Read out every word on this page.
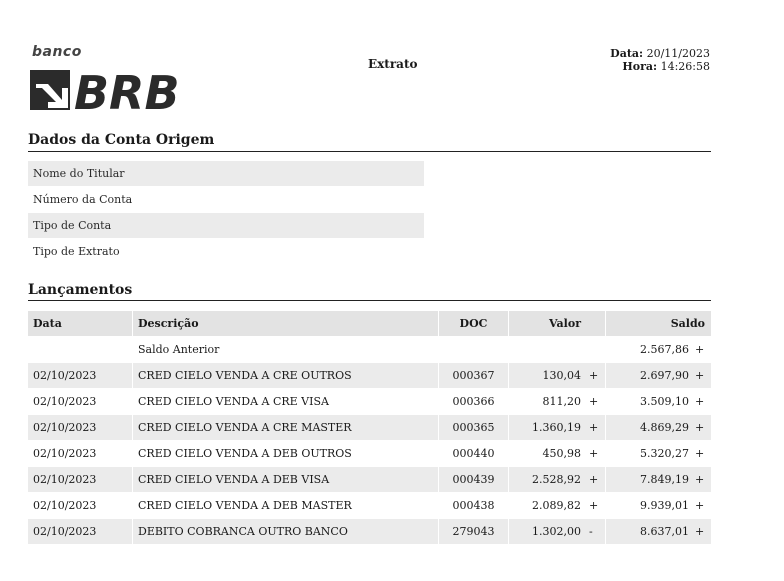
banco
BRB
Extrato
Data: 20/11/2023
Hora: 14:26:58
Dados da Conta Origem
Nome do Titular
Número da Conta
Tipo de Conta
Tipo de Extrato
Lançamentos
Data	Descrição	DOC	Valor		Saldo	
	Saldo Anterior				2.567,86	+
02/10/2023	CRED CIELO VENDA A CRE OUTROS	000367	130,04	+	2.697,90	+
02/10/2023	CRED CIELO VENDA A CRE VISA	000366	811,20	+	3.509,10	+
02/10/2023	CRED CIELO VENDA A CRE MASTER	000365	1.360,19	+	4.869,29	+
02/10/2023	CRED CIELO VENDA A DEB OUTROS	000440	450,98	+	5.320,27	+
02/10/2023	CRED CIELO VENDA A DEB VISA	000439	2.528,92	+	7.849,19	+
02/10/2023	CRED CIELO VENDA A DEB MASTER	000438	2.089,82	+	9.939,01	+
02/10/2023	DEBITO COBRANCA OUTRO BANCO	279043	1.302,00	-	8.637,01	+
